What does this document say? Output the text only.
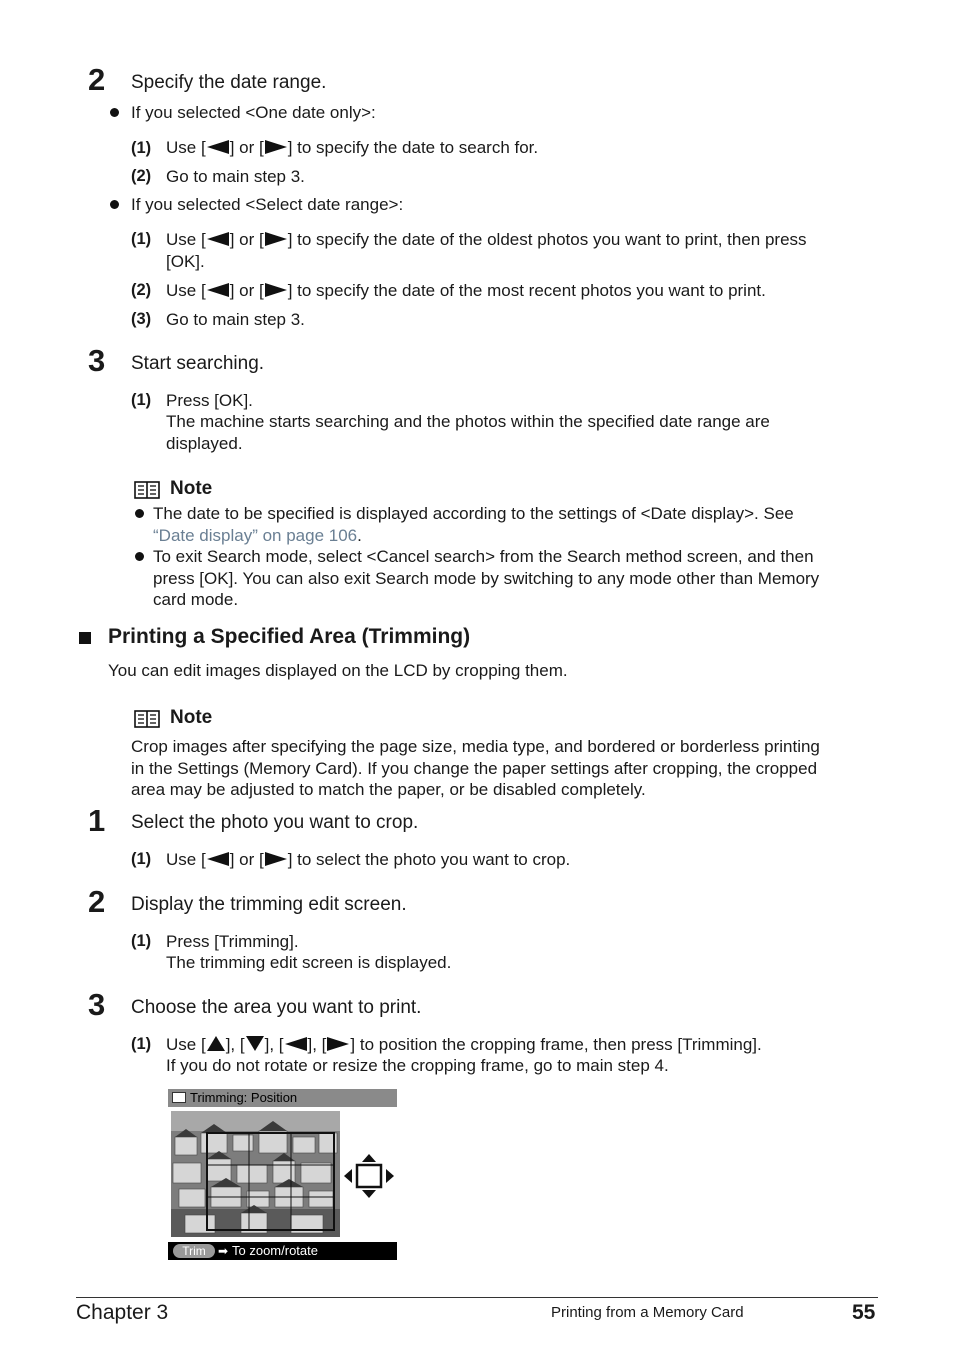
2 Specify the date range.
If you selected <One date only>:
(1) Use [ ] or [ ] to specify the date to search for.
(2) Go to main step 3.
If you selected <Select date range>:
(1) Use [ ] or [ ] to specify the date of the oldest photos you want to print, then press
[OK].
(2) Use [ ] or [ ] to specify the date of the most recent photos you want to print.
(3) Go to main step 3.
3 Start searching.
(1) Press [OK].
The machine starts searching and the photos within the specified date range are
displayed.
Note
The date to be specified is displayed according to the settings of <Date display>. See
“Date display” on page 106.
To exit Search mode, select <Cancel search> from the Search method screen, and then
press [OK]. You can also exit Search mode by switching to any mode other than Memory
card mode.
Printing a Specified Area (Trimming)
You can edit images displayed on the LCD by cropping them.
Note
Crop images after specifying the page size, media type, and bordered or borderless printing
in the Settings (Memory Card). If you change the paper settings after cropping, the cropped
area may be adjusted to match the paper, or be disabled completely.
1 Select the photo you want to crop.
(1) Use [ ] or [ ] to select the photo you want to crop.
2 Display the trimming edit screen.
(1) Press [Trimming].
The trimming edit screen is displayed.
3 Choose the area you want to print.
(1) Use [ ], [ ], [ ], [ ] to position the cropping frame, then press [Trimming].
If you do not rotate or resize the cropping frame, go to main step 4.
Trimming: Position
Trim	➡ To zoom/rotate
Chapter 3	Printing from a Memory Card	55
